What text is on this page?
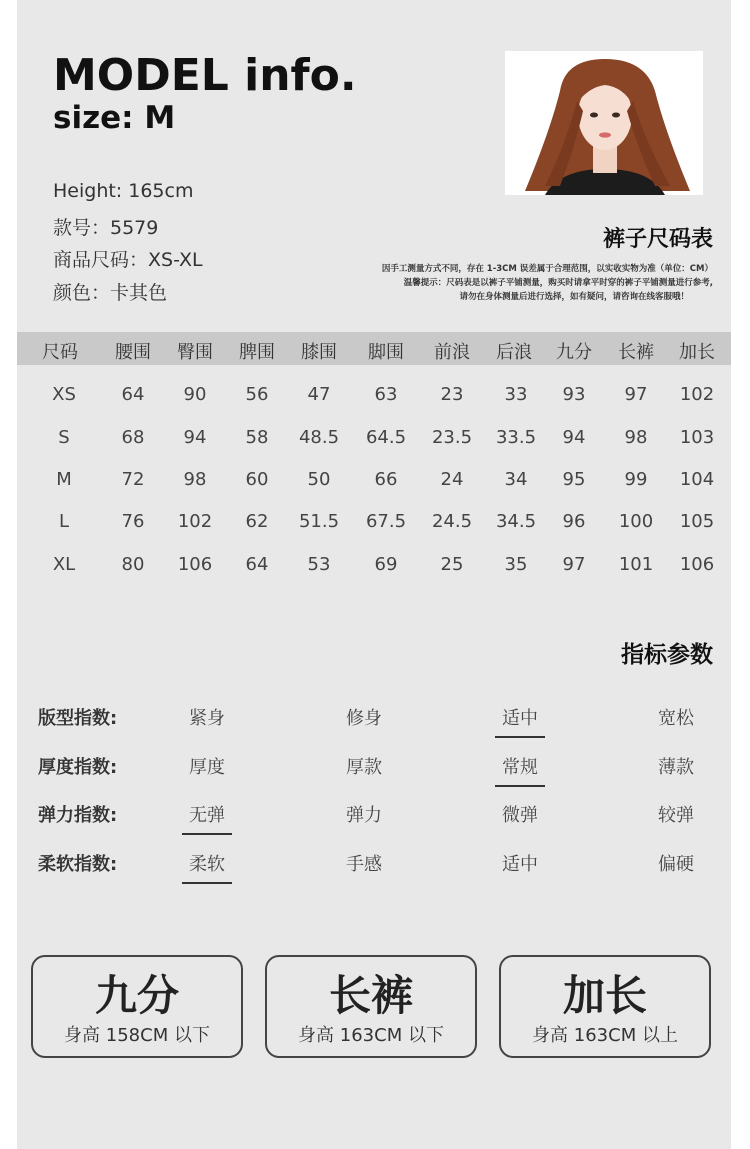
MODEL info.
size: M
Height: 165cm
款号：5579
商品尺码：XS-XL
颜色：卡其色
裤子尺码表
因手工测量方式不同，存在 1-3CM 误差属于合理范围，以实收实物为准（单位：CM）
温馨提示：尺码表是以裤子平铺测量，购买时请拿平时穿的裤子平铺测量进行参考,
请勿在身体测量后进行选择，如有疑问，请咨询在线客服哦！
尺码	腰围	臀围	脾围	膝围	脚围	前浪	后浪	九分	长裤	加长
XS	64	90	56	47	63	23	33	93	97	102
S	68	94	58	48.5	64.5	23.5	33.5	94	98	103
M	72	98	60	50	66	24	34	95	99	104
L	76	102	62	51.5	67.5	24.5	34.5	96	100	105
XL	80	106	64	53	69	25	35	97	101	106
指标参数
版型指数:	紧身	修身	适中	宽松
厚度指数:	厚度	厚款	常规	薄款
弹力指数:	无弹	弹力	微弹	较弹
柔软指数:	柔软	手感	适中	偏硬
九分
身高 158CM 以下
长裤
身高 163CM 以下
加长
身高 163CM 以上
